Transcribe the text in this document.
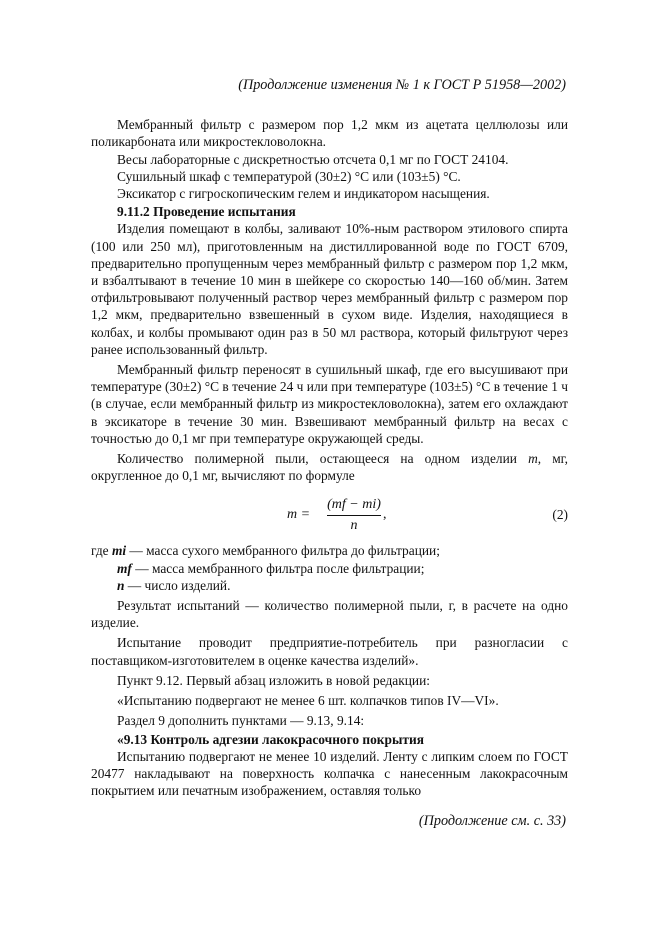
(Продолжение изменения № 1 к ГОСТ Р 51958—2002)

Мембранный фильтр с размером пор 1,2 мкм из ацетата целлюлозы или поликарбоната или микростекловолокна.

Весы лабораторные с дискретностью отсчета 0,1 мг по ГОСТ 24104.

Сушильный шкаф с температурой (30±2) °С или (103±5) °С.

Эксикатор с гигроскопическим гелем и индикатором насыщения.

9.11.2 Проведение испытания

Изделия помещают в колбы, заливают 10%-ным раствором этилового спирта (100 или 250 мл), приготовленным на дистиллированной воде по ГОСТ 6709, предварительно пропущенным через мембранный фильтр с размером пор 1,2 мкм, и взбалтывают в течение 10 мин в шейкере со скоростью 140—160 об/мин. Затем отфильтровывают полученный раствор через мембранный фильтр с размером пор 1,2 мкм, предварительно взвешенный в сухом виде. Изделия, находящиеся в колбах, и колбы промывают один раз в 50 мл раствора, который фильтруют через ранее использованный фильтр.

Мембранный фильтр переносят в сушильный шкаф, где его высушивают при температуре (30±2) °С в течение 24 ч или при температуре (103±5) °С в течение 1 ч (в случае, если мембранный фильтр из микростекловолокна), затем его охлаждают в эксикаторе в течение 30 мин. Взвешивают мембранный фильтр на весах с точностью до 0,1 мг при температуре окружающей среды.

Количество полимерной пыли, остающееся на одном изделии m, мг, округленное до 0,1 мг, вычисляют по формуле

$m = \frac{(mf - mi)}{n}$ ,	(2)

где mi — масса сухого мембранного фильтра до фильтрации;

mf — масса мембранного фильтра после фильтрации;

n — число изделий.

Результат испытаний — количество полимерной пыли, г, в расчете на одно изделие.

Испытание проводит предприятие-потребитель при разногласии с поставщиком-изготовителем в оценке качества изделий».

Пункт 9.12. Первый абзац изложить в новой редакции:

«Испытанию подвергают не менее 6 шт. колпачков типов IV—VI».

Раздел 9 дополнить пунктами — 9.13, 9.14:

«9.13 Контроль адгезии лакокрасочного покрытия

Испытанию подвергают не менее 10 изделий. Ленту с липким слоем по ГОСТ 20477 накладывают на поверхность колпачка с нанесенным лакокрасочным покрытием или печатным изображением, оставляя только

(Продолжение см. с. 33)
